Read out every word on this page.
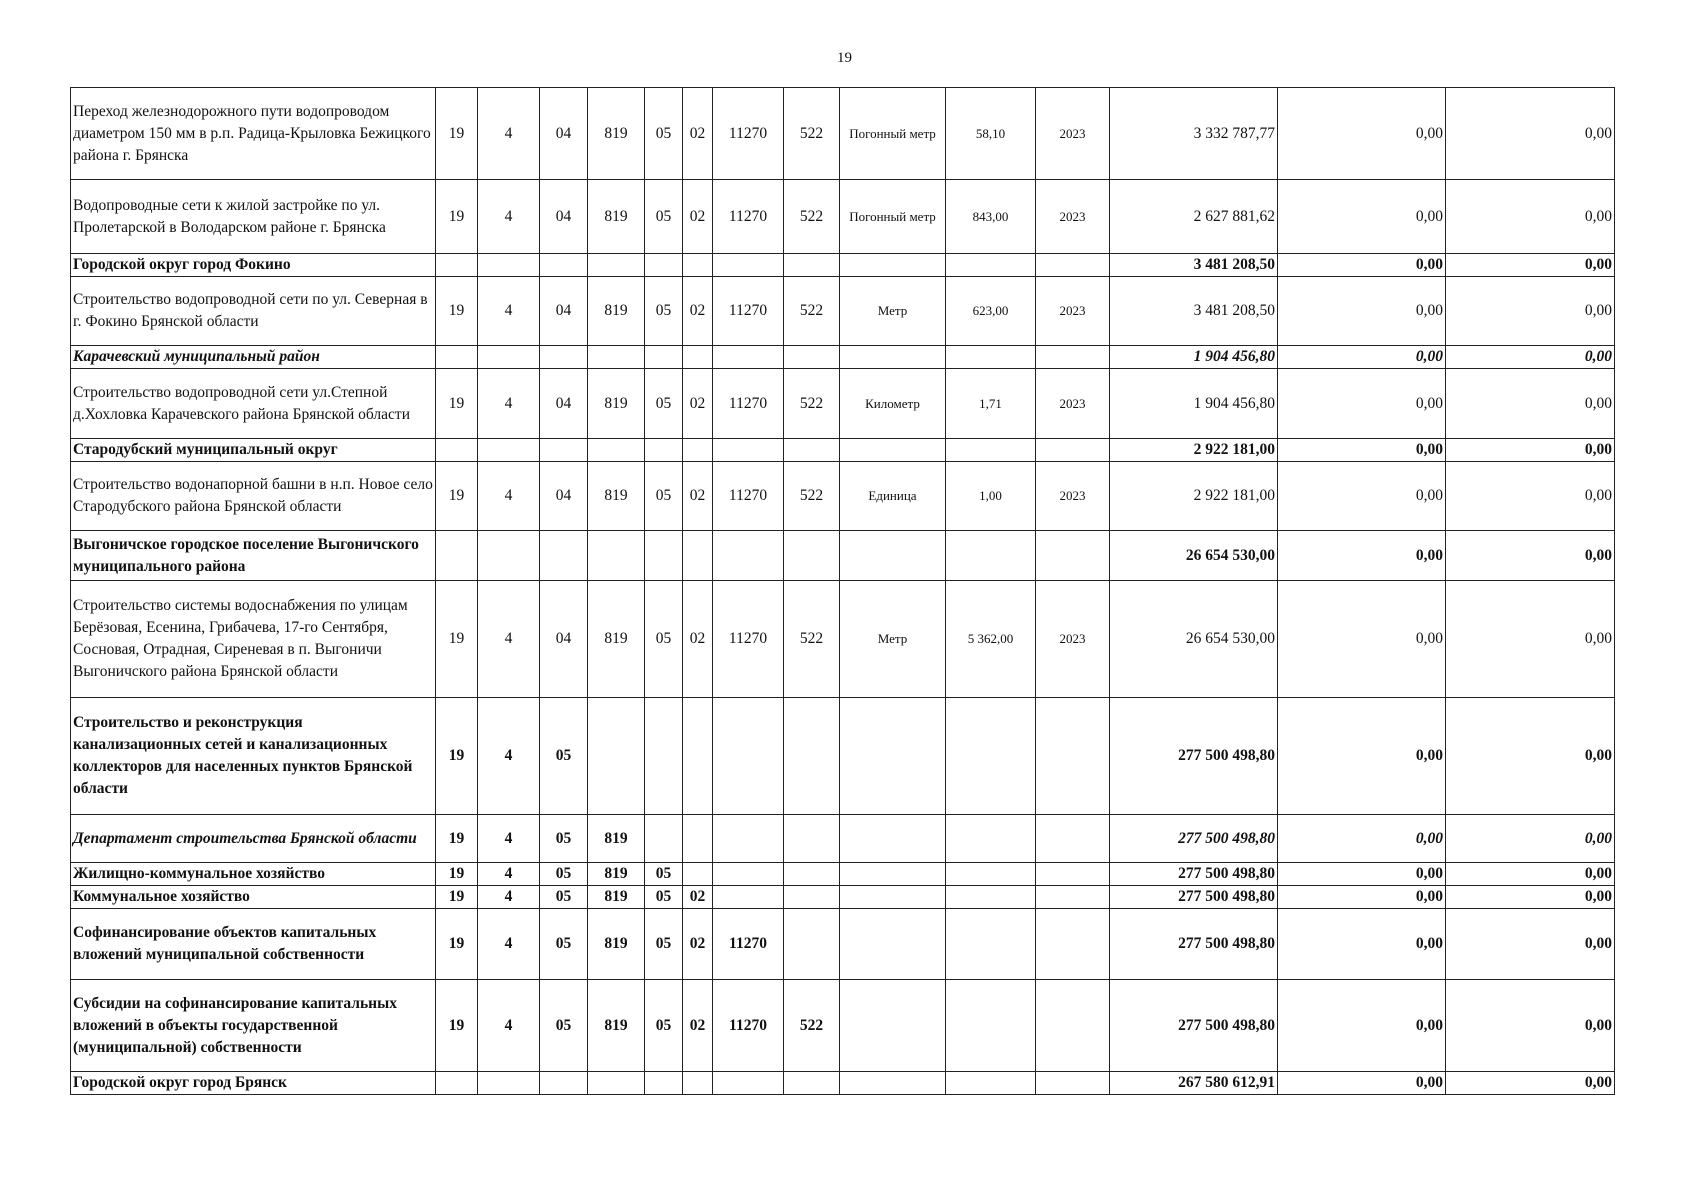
19
Переход железнодорожного пути водопроводом диаметром 150 мм в р.п. Радица-Крыловка Бежицкого района г. Брянска	19	4	04	819	05	02	11270	522	Погонный метр	58,10	2023	3 332 787,77	0,00	0,00
Водопроводные сети к жилой застройке по ул. Пролетарской в Володарском районе г. Брянска	19	4	04	819	05	02	11270	522	Погонный метр	843,00	2023	2 627 881,62	0,00	0,00
Городской округ город Фокино												3 481 208,50	0,00	0,00
Строительство водопроводной сети по ул. Северная в г. Фокино Брянской области	19	4	04	819	05	02	11270	522	Метр	623,00	2023	3 481 208,50	0,00	0,00
Карачевский муниципальный район												1 904 456,80	0,00	0,00
Строительство водопроводной сети ул.Степной д.Хохловка Карачевского района Брянской области	19	4	04	819	05	02	11270	522	Километр	1,71	2023	1 904 456,80	0,00	0,00
Стародубский муниципальный округ												2 922 181,00	0,00	0,00
Строительство водонапорной башни в н.п. Новое село Стародубского района Брянской области	19	4	04	819	05	02	11270	522	Единица	1,00	2023	2 922 181,00	0,00	0,00
Выгоничское городское поселение Выгоничского муниципального района												26 654 530,00	0,00	0,00
Строительство системы водоснабжения по улицам Берёзовая, Есенина, Грибачева, 17-го Сентября, Сосновая, Отрадная, Сиреневая в п. Выгоничи Выгоничского района Брянской области	19	4	04	819	05	02	11270	522	Метр	5 362,00	2023	26 654 530,00	0,00	0,00
Строительство и реконструкция канализационных сетей и канализационных коллекторов для населенных пунктов Брянской области	19	4	05									277 500 498,80	0,00	0,00
Департамент строительства Брянской области	19	4	05	819								277 500 498,80	0,00	0,00
Жилищно-коммунальное хозяйство	19	4	05	819	05							277 500 498,80	0,00	0,00
Коммунальное хозяйство	19	4	05	819	05	02						277 500 498,80	0,00	0,00
Софинансирование объектов капитальных вложений муниципальной собственности	19	4	05	819	05	02	11270					277 500 498,80	0,00	0,00
Субсидии на софинансирование капитальных вложений в объекты государственной (муниципальной) собственности	19	4	05	819	05	02	11270	522				277 500 498,80	0,00	0,00
Городской округ город Брянск												267 580 612,91	0,00	0,00
